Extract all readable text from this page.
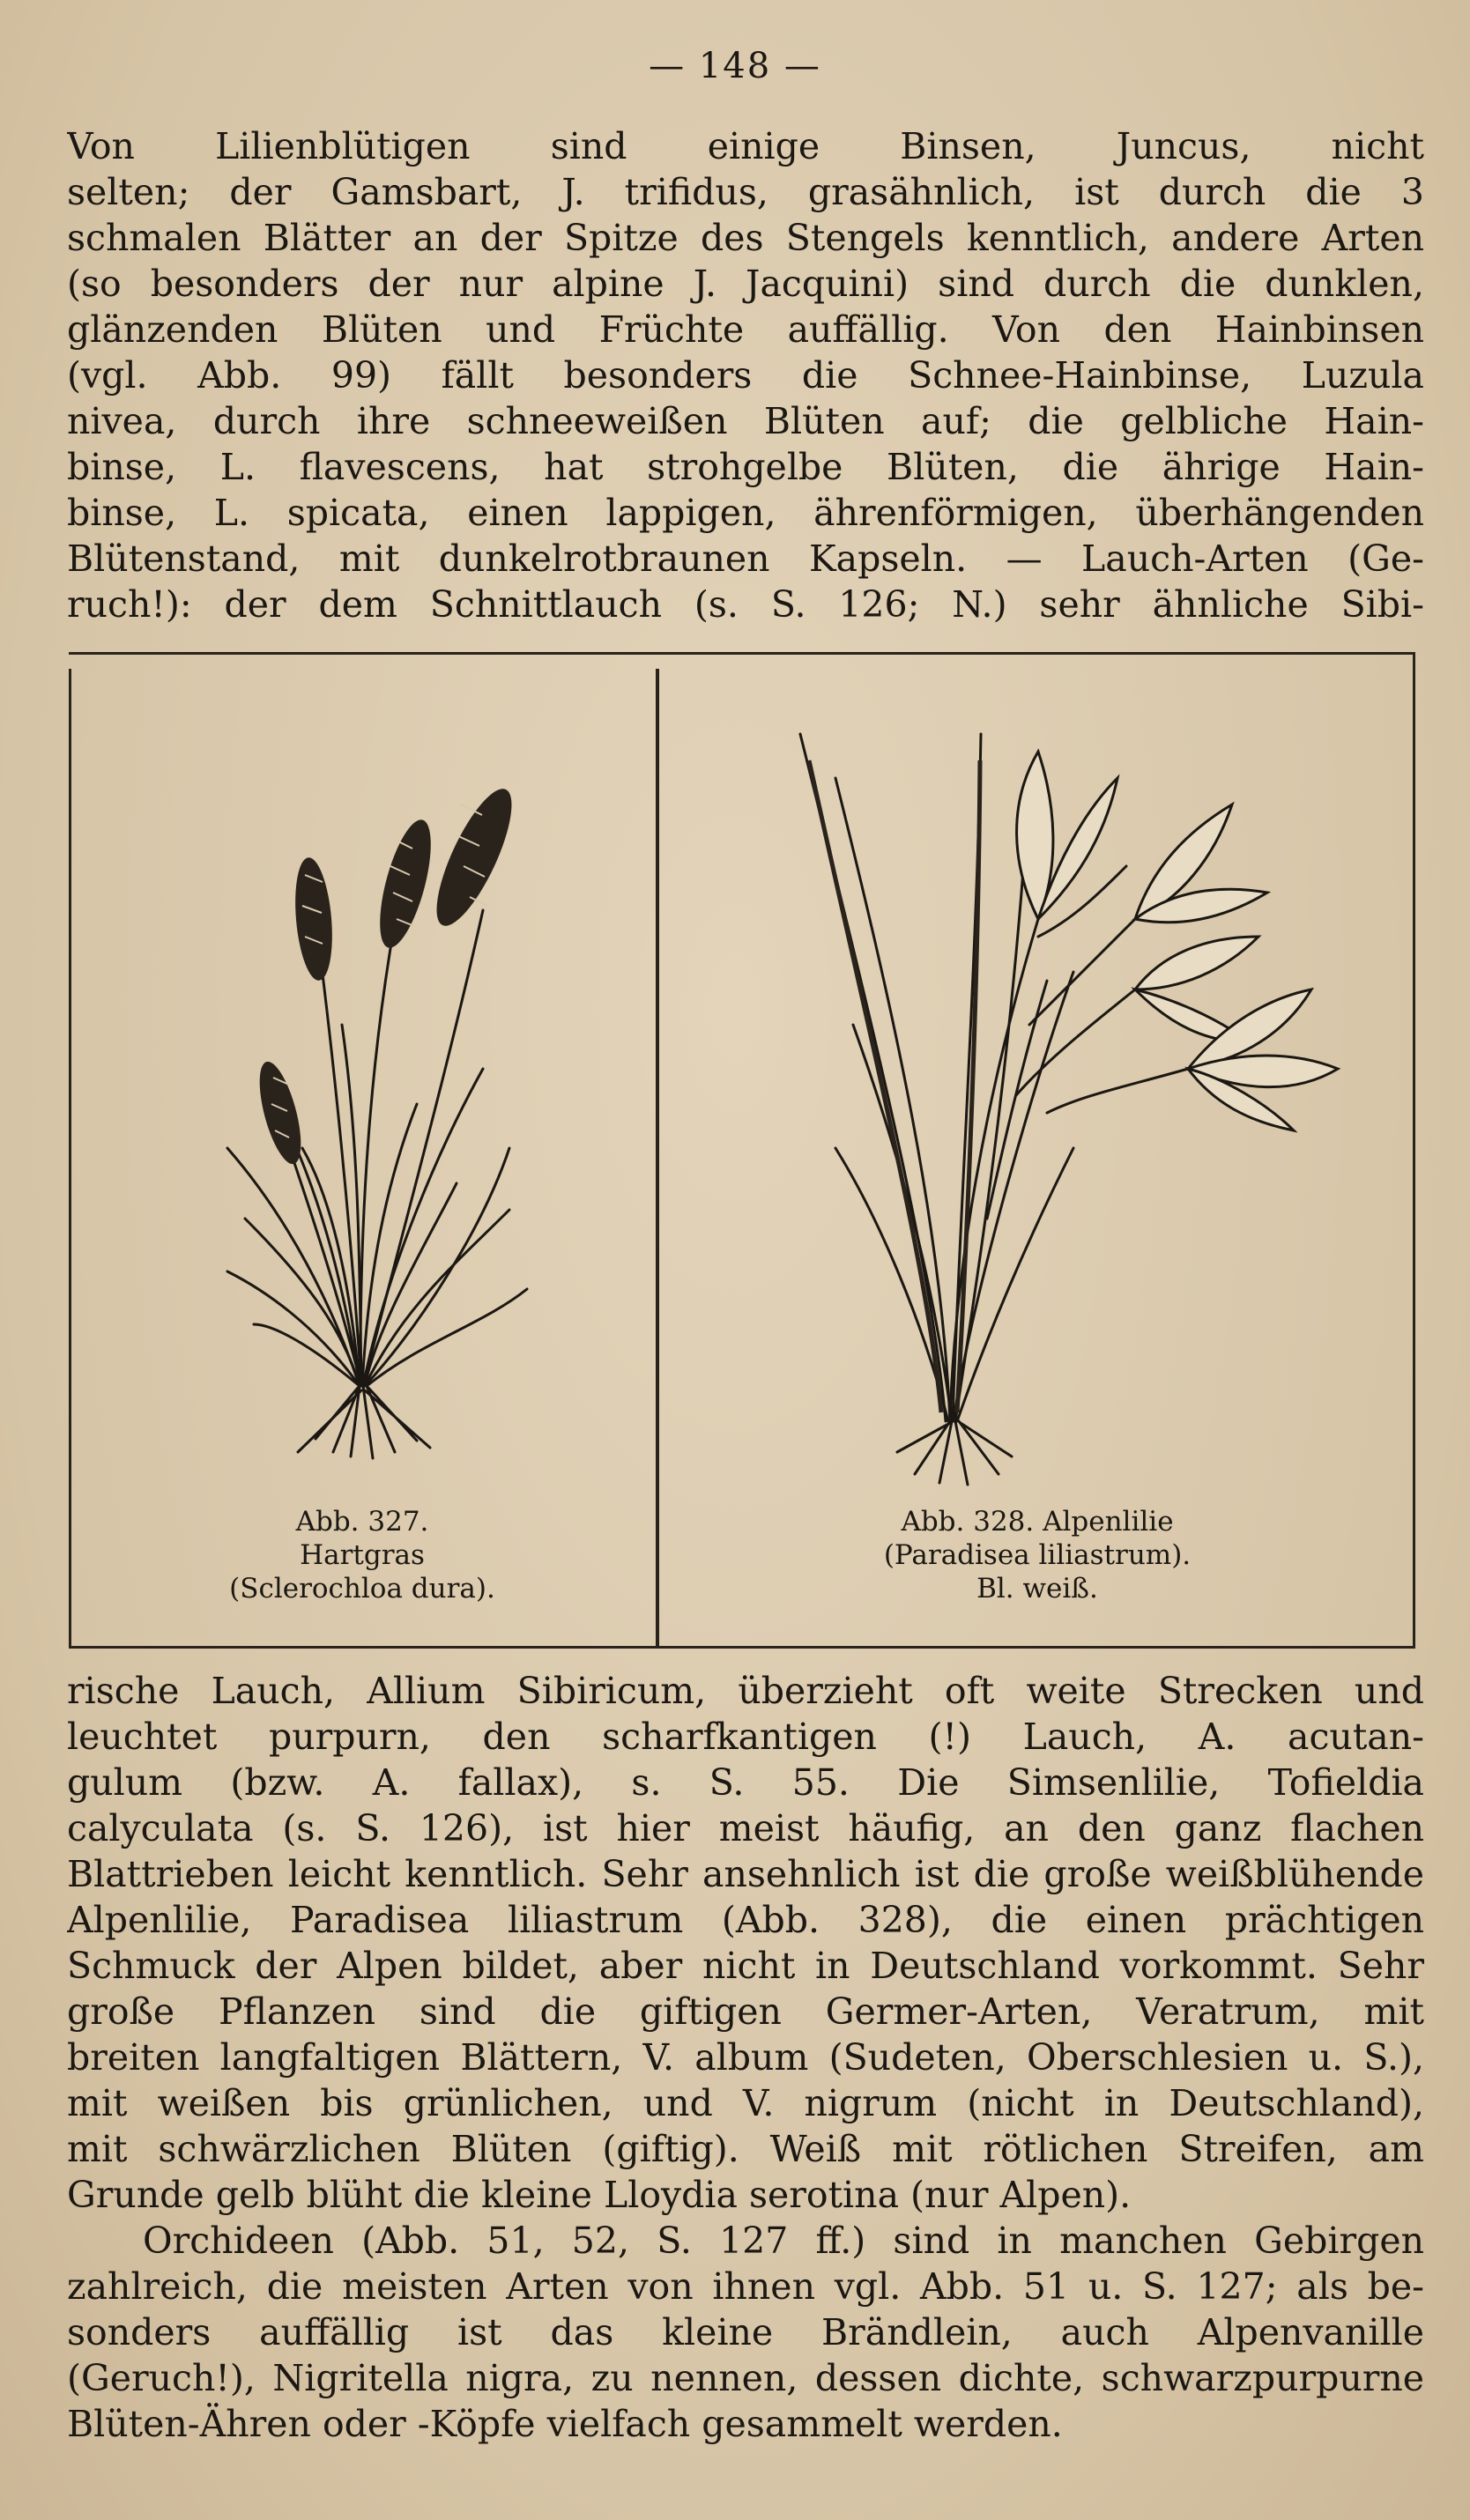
— 148 —
Von Lilienblütigen sind einige Binsen, Juncus, nicht
selten; der Gamsbart, J. trifidus, grasähnlich, ist durch die 3
schmalen Blätter an der Spitze des Stengels kenntlich, andere Arten
(so besonders der nur alpine J. Jacquini) sind durch die dunklen,
glänzenden Blüten und Früchte auffällig. Von den Hainbinsen
(vgl. Abb. 99) fällt besonders die Schnee-Hainbinse, Luzula
nivea, durch ihre schneeweißen Blüten auf; die gelbliche Hain-
binse, L. flavescens, hat strohgelbe Blüten, die ährige Hain-
binse, L. spicata, einen lappigen, ährenförmigen, überhängenden
Blütenstand, mit dunkelrotbraunen Kapseln. — Lauch-Arten (Ge-
ruch!): der dem Schnittlauch (s. S. 126; N.) sehr ähnliche Sibi-
Abb. 327.
Hartgras
(Sclerochloa dura).
Abb. 328. Alpenlilie
(Paradisea liliastrum).
Bl. weiß.
rische Lauch, Allium Sibiricum, überzieht oft weite Strecken und
leuchtet purpurn, den scharfkantigen (!) Lauch, A. acutan-
gulum (bzw. A. fallax), s. S. 55. Die Simsenlilie, Tofieldia
calyculata (s. S. 126), ist hier meist häufig, an den ganz flachen
Blattrieben leicht kenntlich. Sehr ansehnlich ist die große weißblühende
Alpenlilie, Paradisea liliastrum (Abb. 328), die einen prächtigen
Schmuck der Alpen bildet, aber nicht in Deutschland vorkommt. Sehr
große Pflanzen sind die giftigen Germer-Arten, Veratrum, mit
breiten langfaltigen Blättern, V. album (Sudeten, Oberschlesien u. S.),
mit weißen bis grünlichen, und V. nigrum (nicht in Deutschland),
mit schwärzlichen Blüten (giftig). Weiß mit rötlichen Streifen, am
Grunde gelb blüht die kleine Lloydia serotina (nur Alpen).
Orchideen (Abb. 51, 52, S. 127 ff.) sind in manchen Gebirgen
zahlreich, die meisten Arten von ihnen vgl. Abb. 51 u. S. 127; als be-
sonders auffällig ist das kleine Brändlein, auch Alpenvanille
(Geruch!), Nigritella nigra, zu nennen, dessen dichte, schwarzpurpurne
Blüten-Ähren oder -Köpfe vielfach gesammelt werden.
